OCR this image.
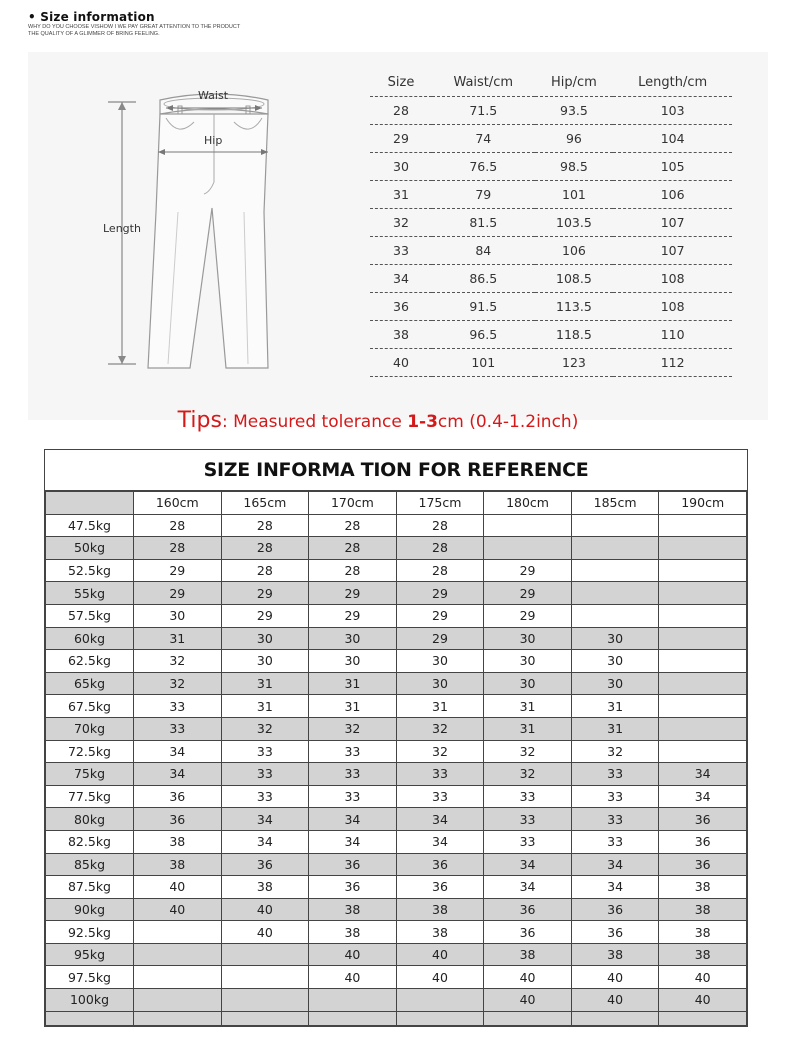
• Size information
WHY DO YOU CHOOSE VISHOW I WE PAY GREAT ATTENTION TO THE PRODUCT
THE QUALITY OF A GLIMMER OF BRING FEELING.
Waist
Hip
Length
Size	Waist/cm	Hip/cm	Length/cm
28	71.5	93.5	103
29	74	96	104
30	76.5	98.5	105
31	79	101	106
32	81.5	103.5	107
33	84	106	107
34	86.5	108.5	108
36	91.5	113.5	108
38	96.5	118.5	110
40	101	123	112
Tips: Measured tolerance 1-3cm (0.4-1.2inch)
SIZE INFORMA TION FOR REFERENCE
	160cm	165cm	170cm	175cm	180cm	185cm	190cm
47.5kg	28	28	28	28			
50kg	28	28	28	28			
52.5kg	29	28	28	28	29		
55kg	29	29	29	29	29		
57.5kg	30	29	29	29	29		
60kg	31	30	30	29	30	30	
62.5kg	32	30	30	30	30	30	
65kg	32	31	31	30	30	30	
67.5kg	33	31	31	31	31	31	
70kg	33	32	32	32	31	31	
72.5kg	34	33	33	32	32	32	
75kg	34	33	33	33	32	33	34
77.5kg	36	33	33	33	33	33	34
80kg	36	34	34	34	33	33	36
82.5kg	38	34	34	34	33	33	36
85kg	38	36	36	36	34	34	36
87.5kg	40	38	36	36	34	34	38
90kg	40	40	38	38	36	36	38
92.5kg		40	38	38	36	36	38
95kg			40	40	38	38	38
97.5kg			40	40	40	40	40
100kg					40	40	40
